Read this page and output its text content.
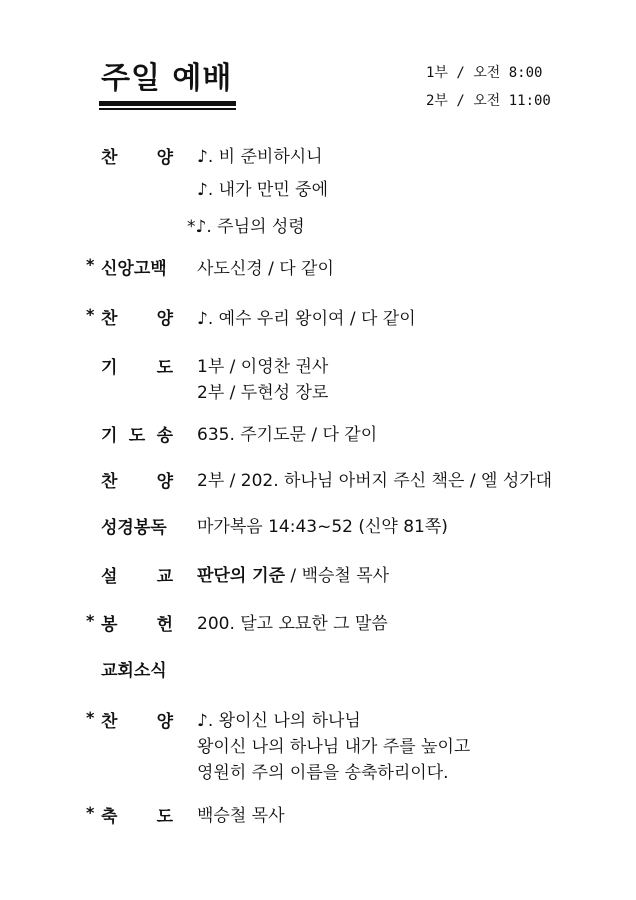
주일 예배	1부 / 오전 8:00
2부 / 오전 11:00
찬 양 ♪. 비 준비하시니
♪. 내가 만민 중에
*♪. 주님의 성령
* 신앙고백 사도신경 / 다 같이
* 찬 양 ♪. 예수 우리 왕이여 / 다 같이
기 도 1부 / 이영찬 권사
2부 / 두현성 장로
기 도 송 635. 주기도문 / 다 같이
찬 양 2부 / 202. 하나님 아버지 주신 책은 / 엘 성가대
성경봉독 마가복음 14:43~52 (신약 81쪽)
설 교 판단의 기준 / 백승철 목사
* 봉 헌 200. 달고 오묘한 그 말씀
교회소식
* 찬 양 ♪. 왕이신 나의 하나님
왕이신 나의 하나님 내가 주를 높이고
영원히 주의 이름을 송축하리이다.
* 축 도 백승철 목사
